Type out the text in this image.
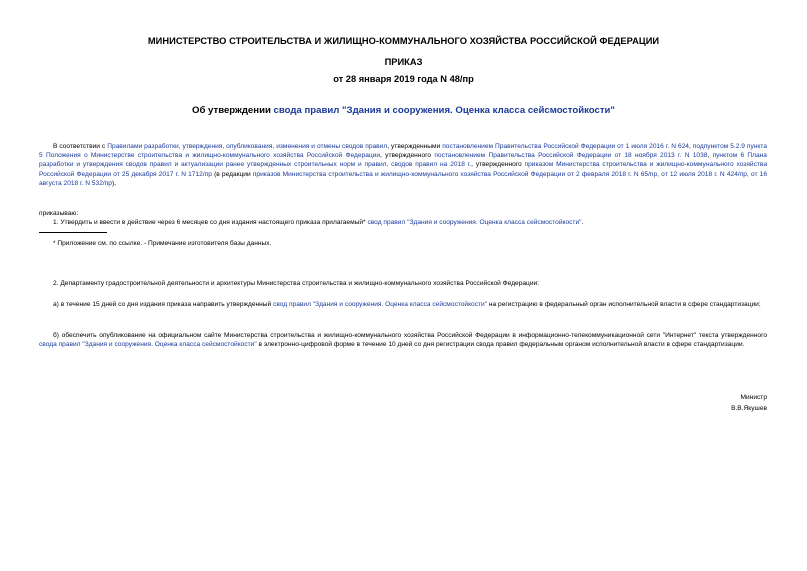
МИНИСТЕРСТВО СТРОИТЕЛЬСТВА И ЖИЛИЩНО-КОММУНАЛЬНОГО ХОЗЯЙСТВА РОССИЙСКОЙ ФЕДЕРАЦИИ
ПРИКАЗ
от 28 января 2019 года N 48/пр
Об утверждении свода правил "Здания и сооружения. Оценка класса сейсмостойкости"
В соответствии с Правилами разработки, утверждения, опубликования, изменения и отмены сводов правил, утвержденными постановлением Правительства Российской Федерации от 1 июля 2016 г. N 624, подпунктом 5.2.9 пункта 5 Положения о Министерстве строительства и жилищно-коммунального хозяйства Российской Федерации, утвержденного постановлением Правительства Российской Федерации от 18 ноября 2013 г. N 1038, пунктом 6 Плана разработки и утверждения сводов правил и актуализации ранее утвержденных строительных норм и правил, сводов правил на 2018 г., утвержденного приказом Министерства строительства и жилищно-коммунального хозяйства Российской Федерации от 25 декабря 2017 г. N 1712/пр (в редакции приказов Министерства строительства и жилищно-коммунального хозяйства Российской Федерации от 2 февраля 2018 г. N 65/пр, от 12 июля 2018 г. N 424/пр, от 16 августа 2018 г. N 532/пр),
приказываю:
1. Утвердить и ввести в действие через 6 месяцев со дня издания настоящего приказа прилагаемый* свод правил "Здания и сооружения. Оценка класса сейсмостойкости".
* Приложение см. по ссылке. - Примечание изготовителя базы данных.
2. Департаменту градостроительной деятельности и архитектуры Министерства строительства и жилищно-коммунального хозяйства Российской Федерации:
а) в течение 15 дней со дня издания приказа направить утвержденный свод правил "Здания и сооружения. Оценка класса сейсмостойкости" на регистрацию в федеральный орган исполнительной власти в сфере стандартизации;
б) обеспечить опубликование на официальном сайте Министерства строительства и жилищно-коммунального хозяйства Российской Федерации в информационно-телекоммуникационной сети "Интернет" текста утвержденного свода правил "Здания и сооружения. Оценка класса сейсмостойкости" в электронно-цифровой форме в течение 10 дней со дня регистрации свода правил федеральным органом исполнительной власти в сфере стандартизации.
Министр
В.В.Якушев
